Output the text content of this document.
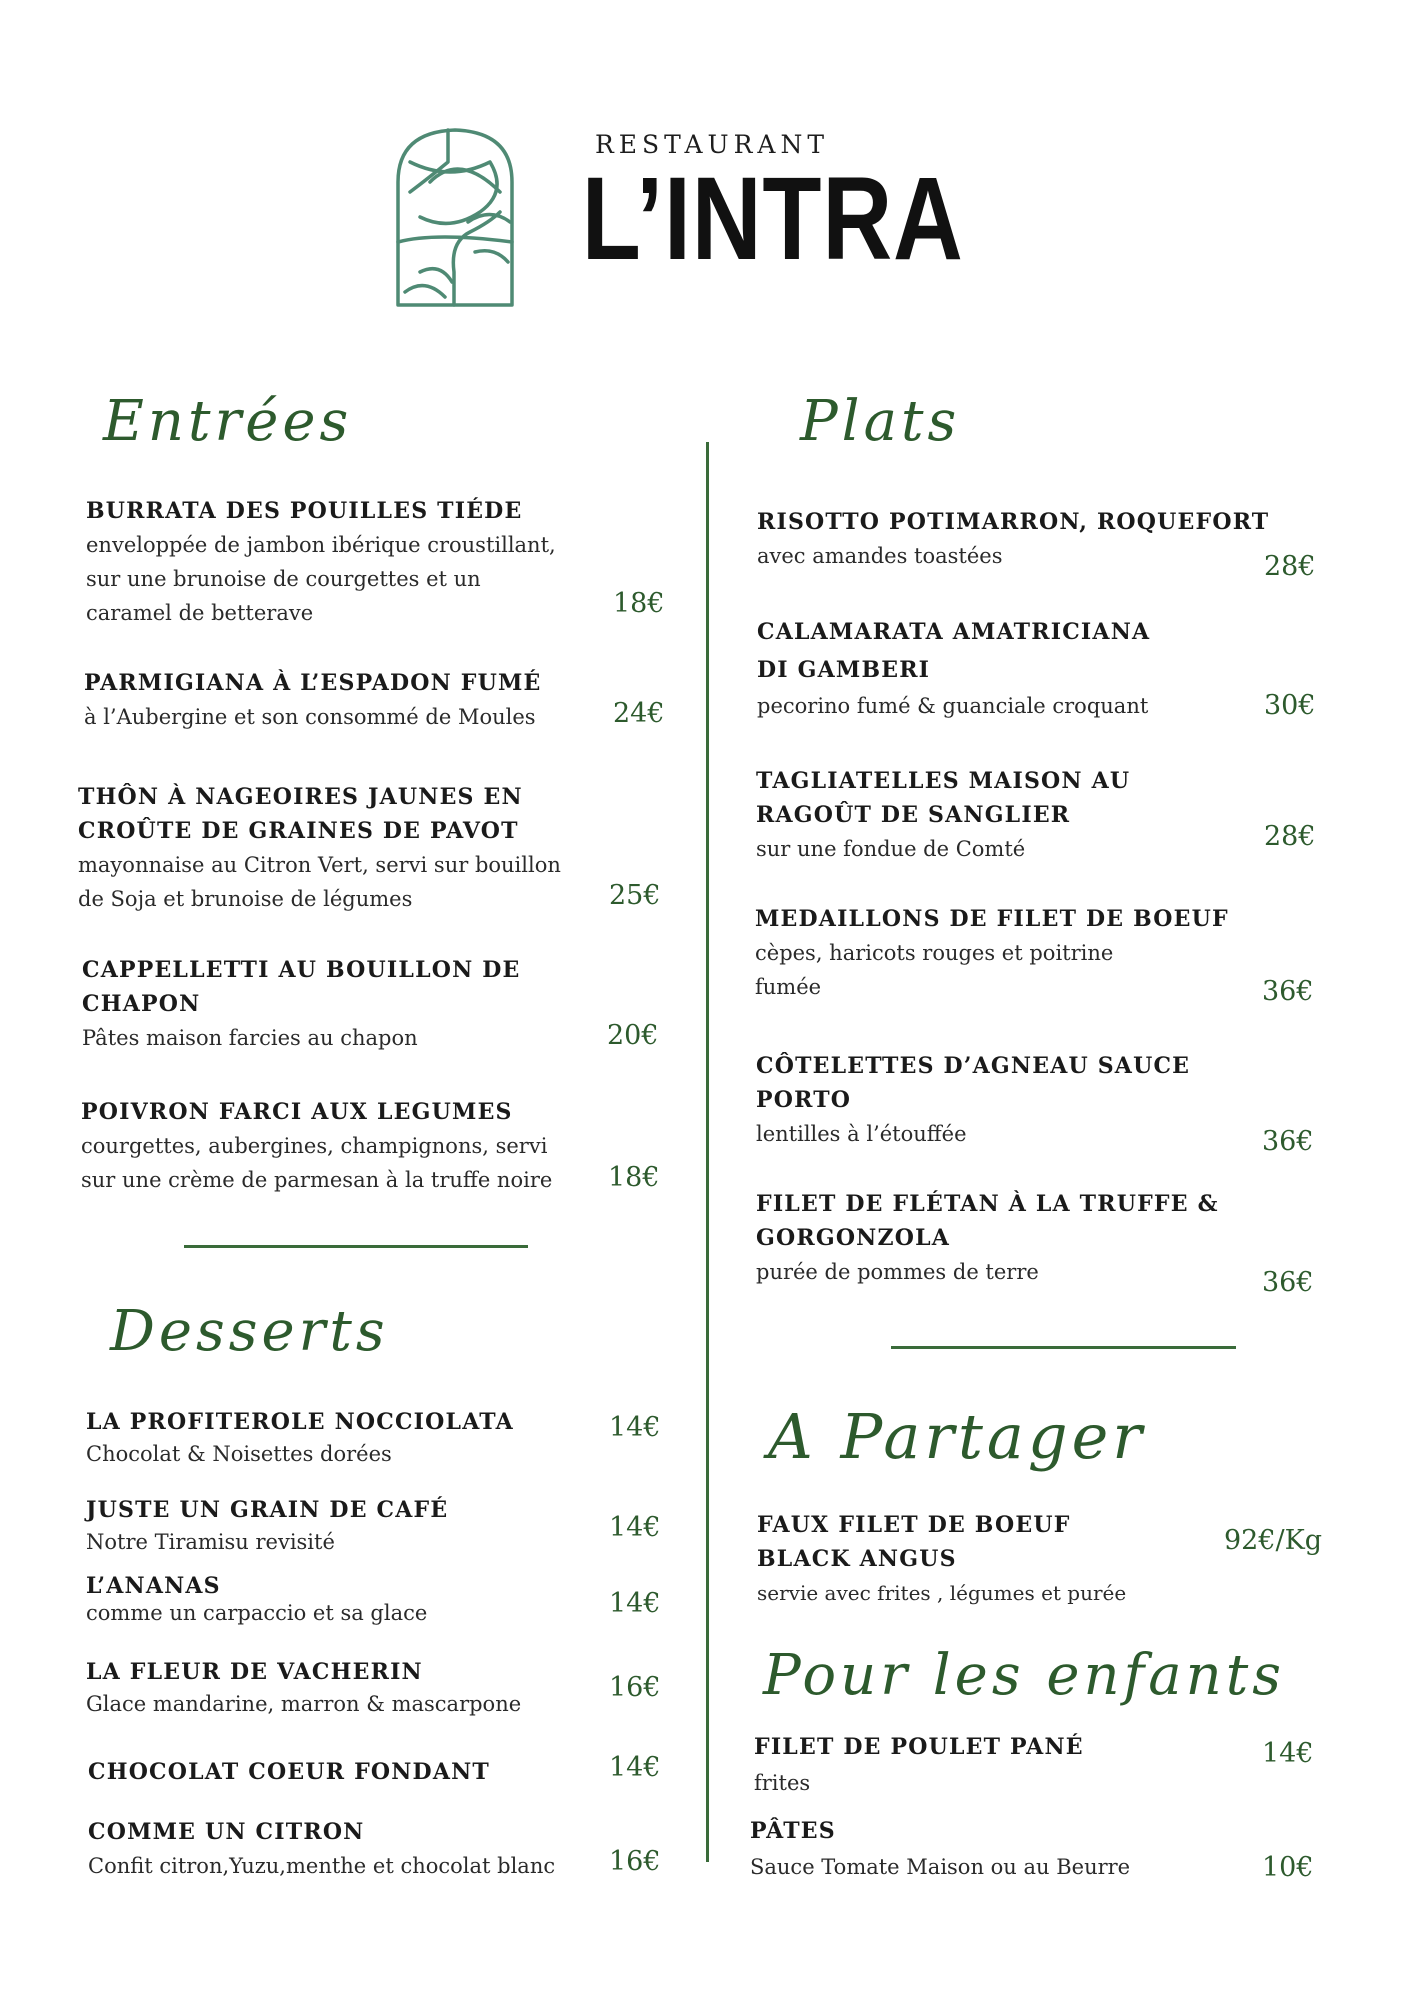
RESTAURANT
L’INTRA
Entrées
BURRATA DES POUILLES TIÉDE
enveloppée de jambon ibérique croustillant,
sur une brunoise de courgettes et un
caramel de betterave	18€
PARMIGIANA À L’ESPADON FUMÉ
à l’Aubergine et son consommé de Moules	24€
THÔN À NAGEOIRES JAUNES EN
CROÛTE DE GRAINES DE PAVOT
mayonnaise au Citron Vert, servi sur bouillon
de Soja et brunoise de légumes	25€
CAPPELLETTI AU BOUILLON DE
CHAPON
Pâtes maison farcies au chapon	20€
POIVRON FARCI AUX LEGUMES
courgettes, aubergines, champignons, servi
sur une crème de parmesan à la truffe noire	18€
Desserts
LA PROFITEROLE NOCCIOLATA
Chocolat & Noisettes dorées
14€
JUSTE UN GRAIN DE CAFÉ
Notre Tiramisu revisité	14€
L’ANANAS
comme un carpaccio et sa glace	14€
LA FLEUR DE VACHERIN
Glace mandarine, marron & mascarpone
16€
CHOCOLAT COEUR FONDANT	14€
COMME UN CITRON
Confit citron,Yuzu,menthe et chocolat blanc	16€
Plats
RISOTTO POTIMARRON, ROQUEFORT
avec amandes toastées	28€
CALAMARATA AMATRICIANA
DI GAMBERI
pecorino fumé & guanciale croquant	30€
TAGLIATELLES MAISON AU
RAGOÛT DE SANGLIER
sur une fondue de Comté	28€
MEDAILLONS DE FILET DE BOEUF
cèpes, haricots rouges et poitrine
fumée	36€
CÔTELETTES D’AGNEAU SAUCE
PORTO
lentilles à l’étouffée	36€
FILET DE FLÉTAN À LA TRUFFE &
GORGONZOLA
purée de pommes de terre	36€
A Partager
FAUX FILET DE BOEUF
BLACK ANGUS
servie avec frites , légumes et purée
92€/Kg
Pour les enfants
FILET DE POULET PANÉ
frites
14€
PÂTES
Sauce Tomate Maison ou au Beurre	10€
